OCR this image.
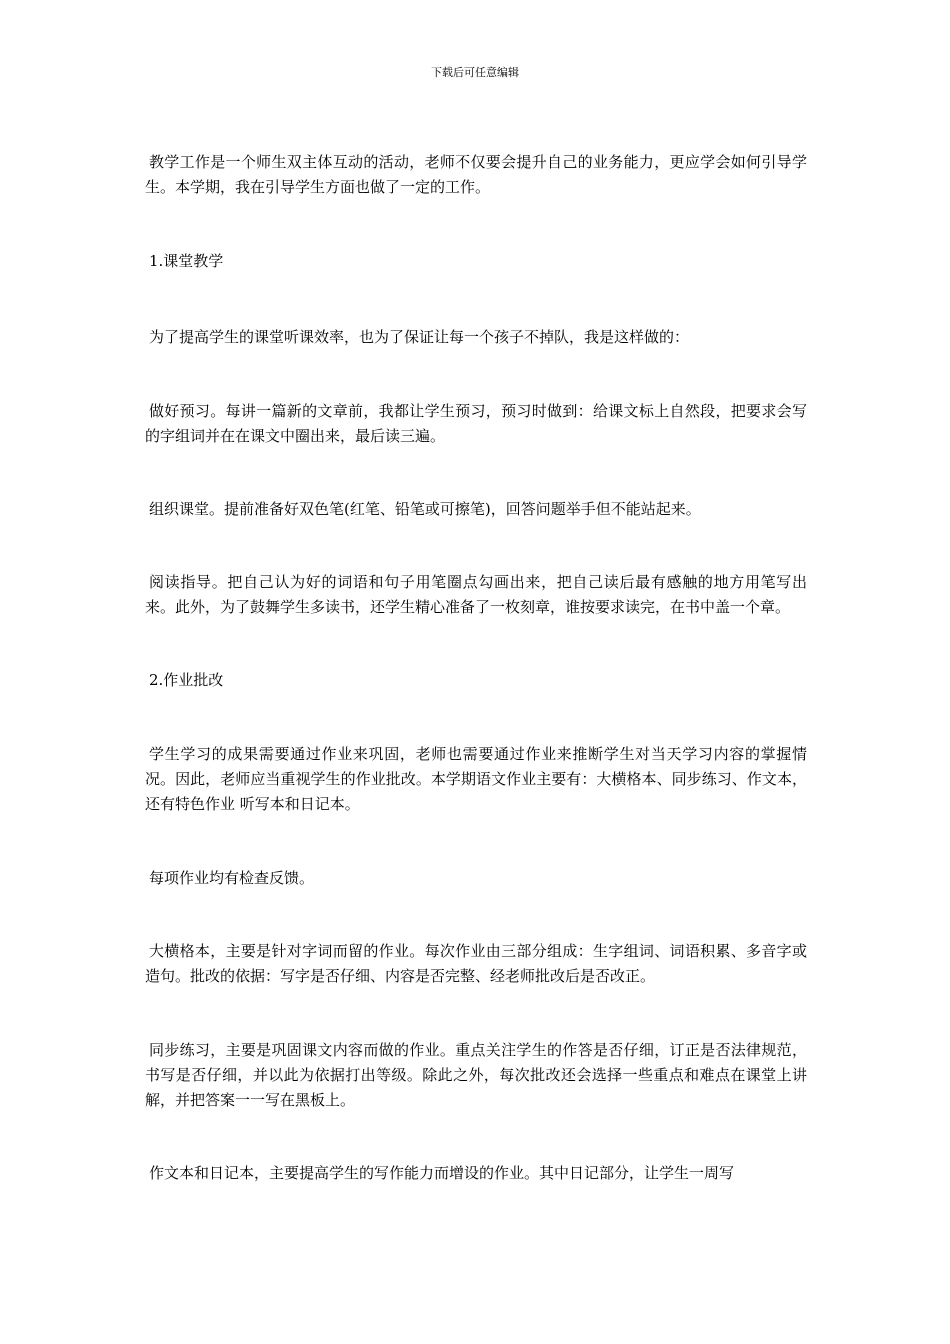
下载后可任意编辑

教学工作是一个师生双主体互动的活动，老师不仅要会提升自己的业务能力，更应学会如何引导学生。本学期，我在引导学生方面也做了一定的工作。

1.课堂教学

为了提高学生的课堂听课效率，也为了保证让每一个孩子不掉队，我是这样做的：

做好预习。每讲一篇新的文章前，我都让学生预习，预习时做到：给课文标上自然段，把要求会写的字组词并在在课文中圈出来，最后读三遍。

组织课堂。提前准备好双色笔(红笔、铅笔或可擦笔)，回答问题举手但不能站起来。

阅读指导。把自己认为好的词语和句子用笔圈点勾画出来，把自己读后最有感触的地方用笔写出来。此外，为了鼓舞学生多读书，还学生精心准备了一枚刻章，谁按要求读完，在书中盖一个章。

2.作业批改

学生学习的成果需要通过作业来巩固，老师也需要通过作业来推断学生对当天学习内容的掌握情况。因此，老师应当重视学生的作业批改。本学期语文作业主要有：大横格本、同步练习、作文本，还有特色作业 听写本和日记本。

每项作业均有检查反馈。

大横格本，主要是针对字词而留的作业。每次作业由三部分组成：生字组词、词语积累、多音字或造句。批改的依据：写字是否仔细、内容是否完整、经老师批改后是否改正。

同步练习，主要是巩固课文内容而做的作业。重点关注学生的作答是否仔细，订正是否法律规范，书写是否仔细，并以此为依据打出等级。除此之外，每次批改还会选择一些重点和难点在课堂上讲解，并把答案一一写在黑板上。

作文本和日记本，主要提高学生的写作能力而增设的作业。其中日记部分，让学生一周写
